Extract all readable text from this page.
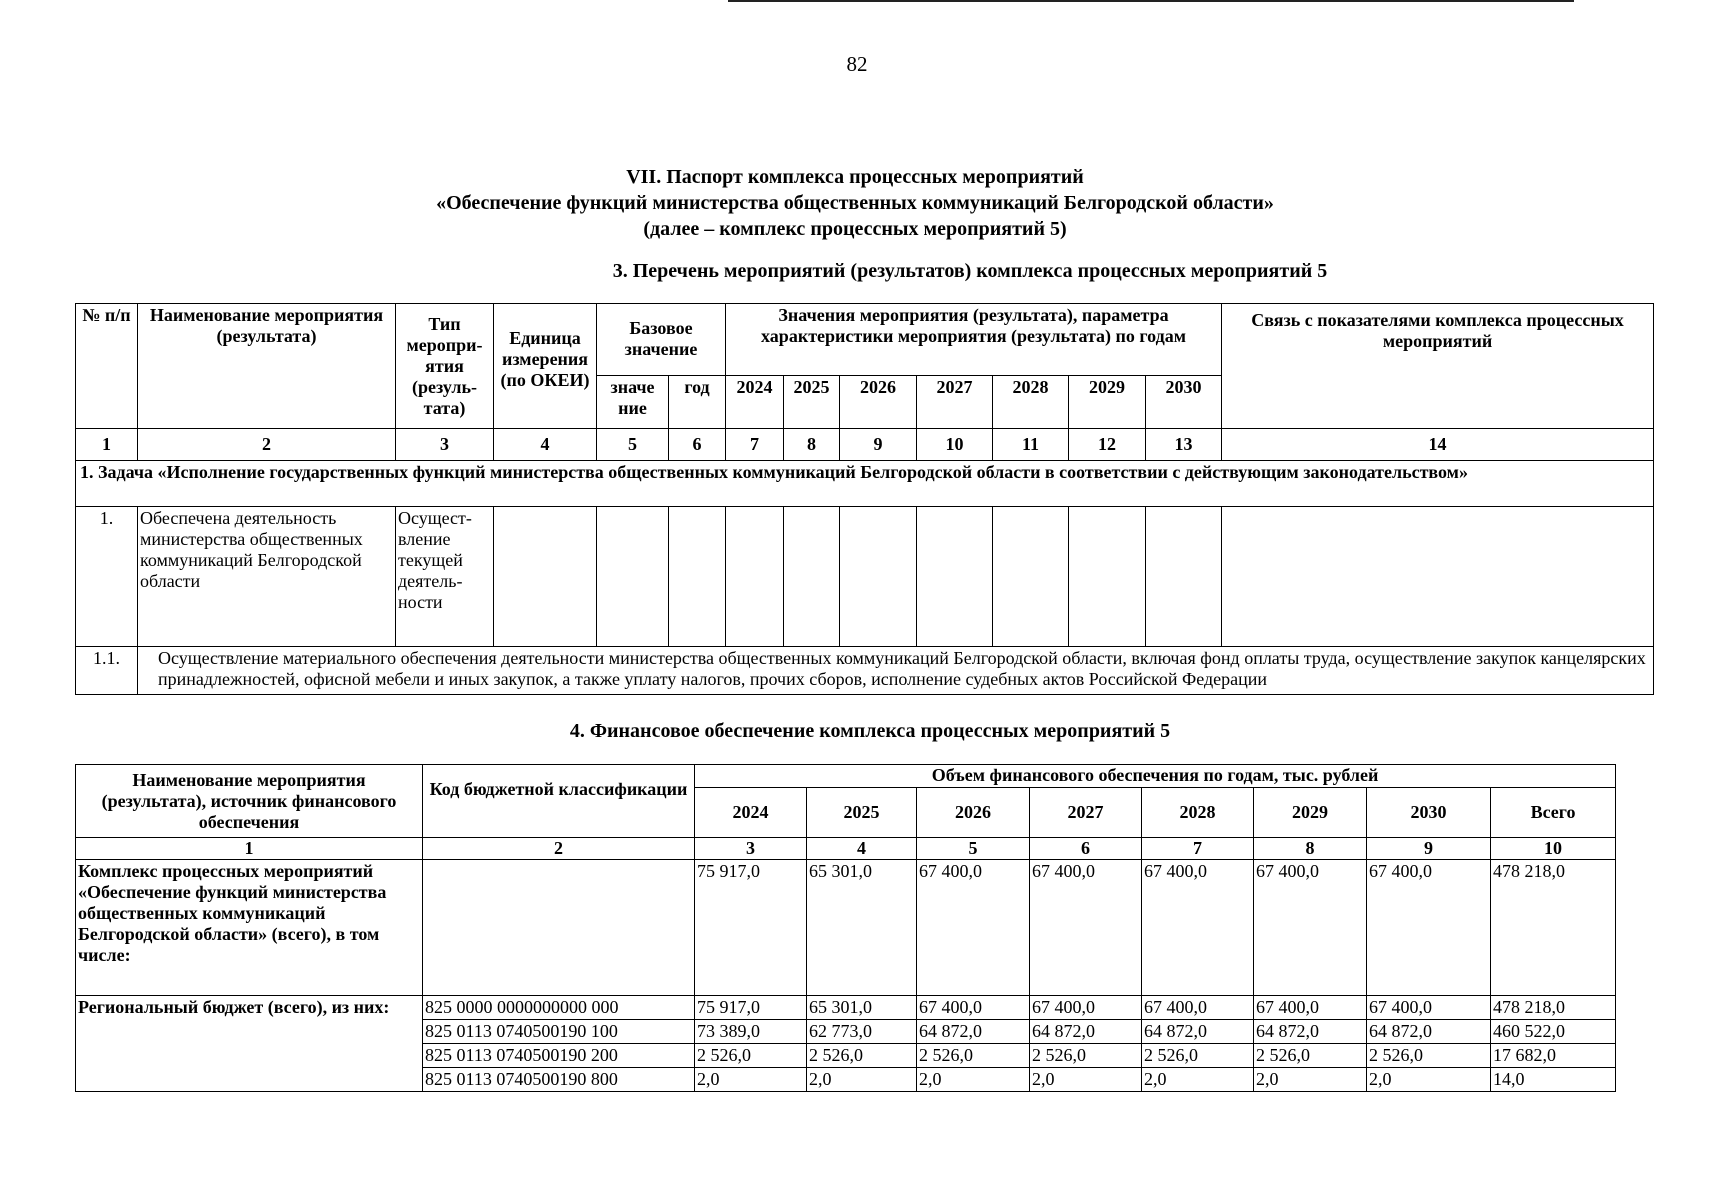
82
VII. Паспорт комплекса процессных мероприятий
«Обеспечение функций министерства общественных коммуникаций Белгородской области»
(далее – комплекс процессных мероприятий 5)
3. Перечень мероприятий (результатов) комплекса процессных мероприятий 5
№ п/п	Наименование мероприятия (результата)	Тип меропри-ятия (резуль-тата)	Единица измерения (по ОКЕИ)	Базовое значение		Значения мероприятия (результата), параметра характеристики мероприятия (результата) по годам							Связь с показателями комплекса процессных мероприятий
				значе ние	год	2024	2025	2026	2027	2028	2029	2030	
1	2	3	4	5	6	7	8	9	10	11	12	13	14
1. Задача «Исполнение государственных функций министерства общественных коммуникаций Белгородской области в соответствии с действующим законодательством»													
1.	Обеспечена деятельность министерства общественных коммуникаций Белгородской области	Осущест-вление текущей деятель-ности											
1.1.	Осуществление материального обеспечения деятельности министерства общественных коммуникаций Белгородской области, включая фонд оплаты труда, осуществление закупок канцелярских принадлежностей, офисной мебели и иных закупок, а также уплату налогов, прочих сборов, исполнение судебных актов Российской Федерации												
4. Финансовое обеспечение комплекса процессных мероприятий 5
Наименование мероприятия (результата), источник финансового обеспечения	Код бюджетной классификации	Объем финансового обеспечения по годам, тыс. рублей							
		2024	2025	2026	2027	2028	2029	2030	Всего
1	2	3	4	5	6	7	8	9	10
Комплекс процессных мероприятий «Обеспечение функций министерства общественных коммуникаций Белгородской области» (всего), в том числе:		75 917,0	65 301,0	67 400,0	67 400,0	67 400,0	67 400,0	67 400,0	478 218,0
Региональный бюджет (всего), из них:	825 0000 0000000000 000	75 917,0	65 301,0	67 400,0	67 400,0	67 400,0	67 400,0	67 400,0	478 218,0
	825 0113 0740500190 100	73 389,0	62 773,0	64 872,0	64 872,0	64 872,0	64 872,0	64 872,0	460 522,0
	825 0113 0740500190 200	2 526,0	2 526,0	2 526,0	2 526,0	2 526,0	2 526,0	2 526,0	17 682,0
	825 0113 0740500190 800	2,0	2,0	2,0	2,0	2,0	2,0	2,0	14,0
